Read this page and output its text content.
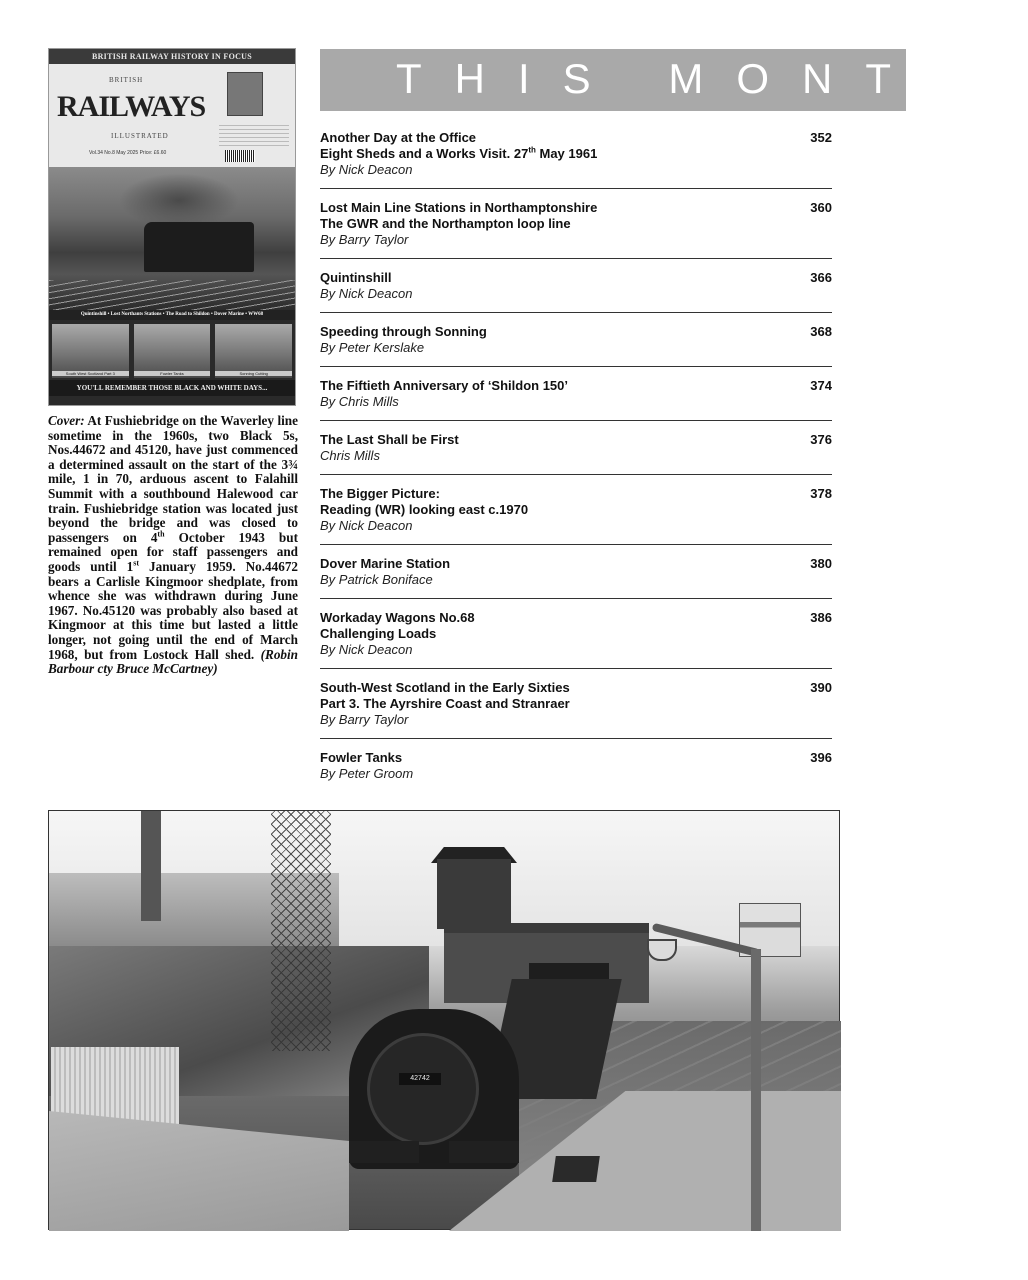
BRITISH RAILWAY HISTORY IN FOCUS
BRITISH
RAILWAYS
ILLUSTRATED
Vol.34 No.8 May 2025 Price: £6.60
Quintinshill • Lost Northants Stations • The Road to Shildon • Dover Marine • WW68
South West Scotland Part 3	Fowler Tanks	Sonning Cutting
YOU'LL REMEMBER THOSE BLACK AND WHITE DAYS...
Cover: At Fushiebridge on the Waverley line sometime in the 1960s, two Black 5s, Nos.44672 and 45120, have just commenced a determined assault on the start of the 3¾ mile, 1 in 70, arduous ascent to Falahill Summit with a southbound Halewood car train. Fushiebridge station was located just beyond the bridge and was closed to passengers on 4th October 1943 but remained open for staff passengers and goods until 1st January 1959. No.44672 bears a Carlisle Kingmoor shedplate, from whence she was withdrawn during June 1967. No.45120 was probably also based at Kingmoor at this time but lasted a little longer, not going until the end of March 1968, but from Lostock Hall shed. (Robin Barbour cty Bruce McCartney)
THIS MONTH'
Another Day at the Office
Eight Sheds and a Works Visit. 27th May 1961
By Nick Deacon
352
Lost Main Line Stations in Northamptonshire
The GWR and the Northampton loop line
By Barry Taylor
360
Quintinshill
By Nick Deacon
366
Speeding through Sonning
By Peter Kerslake
368
The Fiftieth Anniversary of ‘Shildon 150’
By Chris Mills
374
The Last Shall be First
Chris Mills
376
The Bigger Picture:
Reading (WR) looking east c.1970
By Nick Deacon
378
Dover Marine Station
By Patrick Boniface
380
Workaday Wagons No.68
Challenging Loads
By Nick Deacon
386
South-West Scotland in the Early Sixties
Part 3. The Ayrshire Coast and Stranraer
By Barry Taylor
390
Fowler Tanks
By Peter Groom
396
42742
